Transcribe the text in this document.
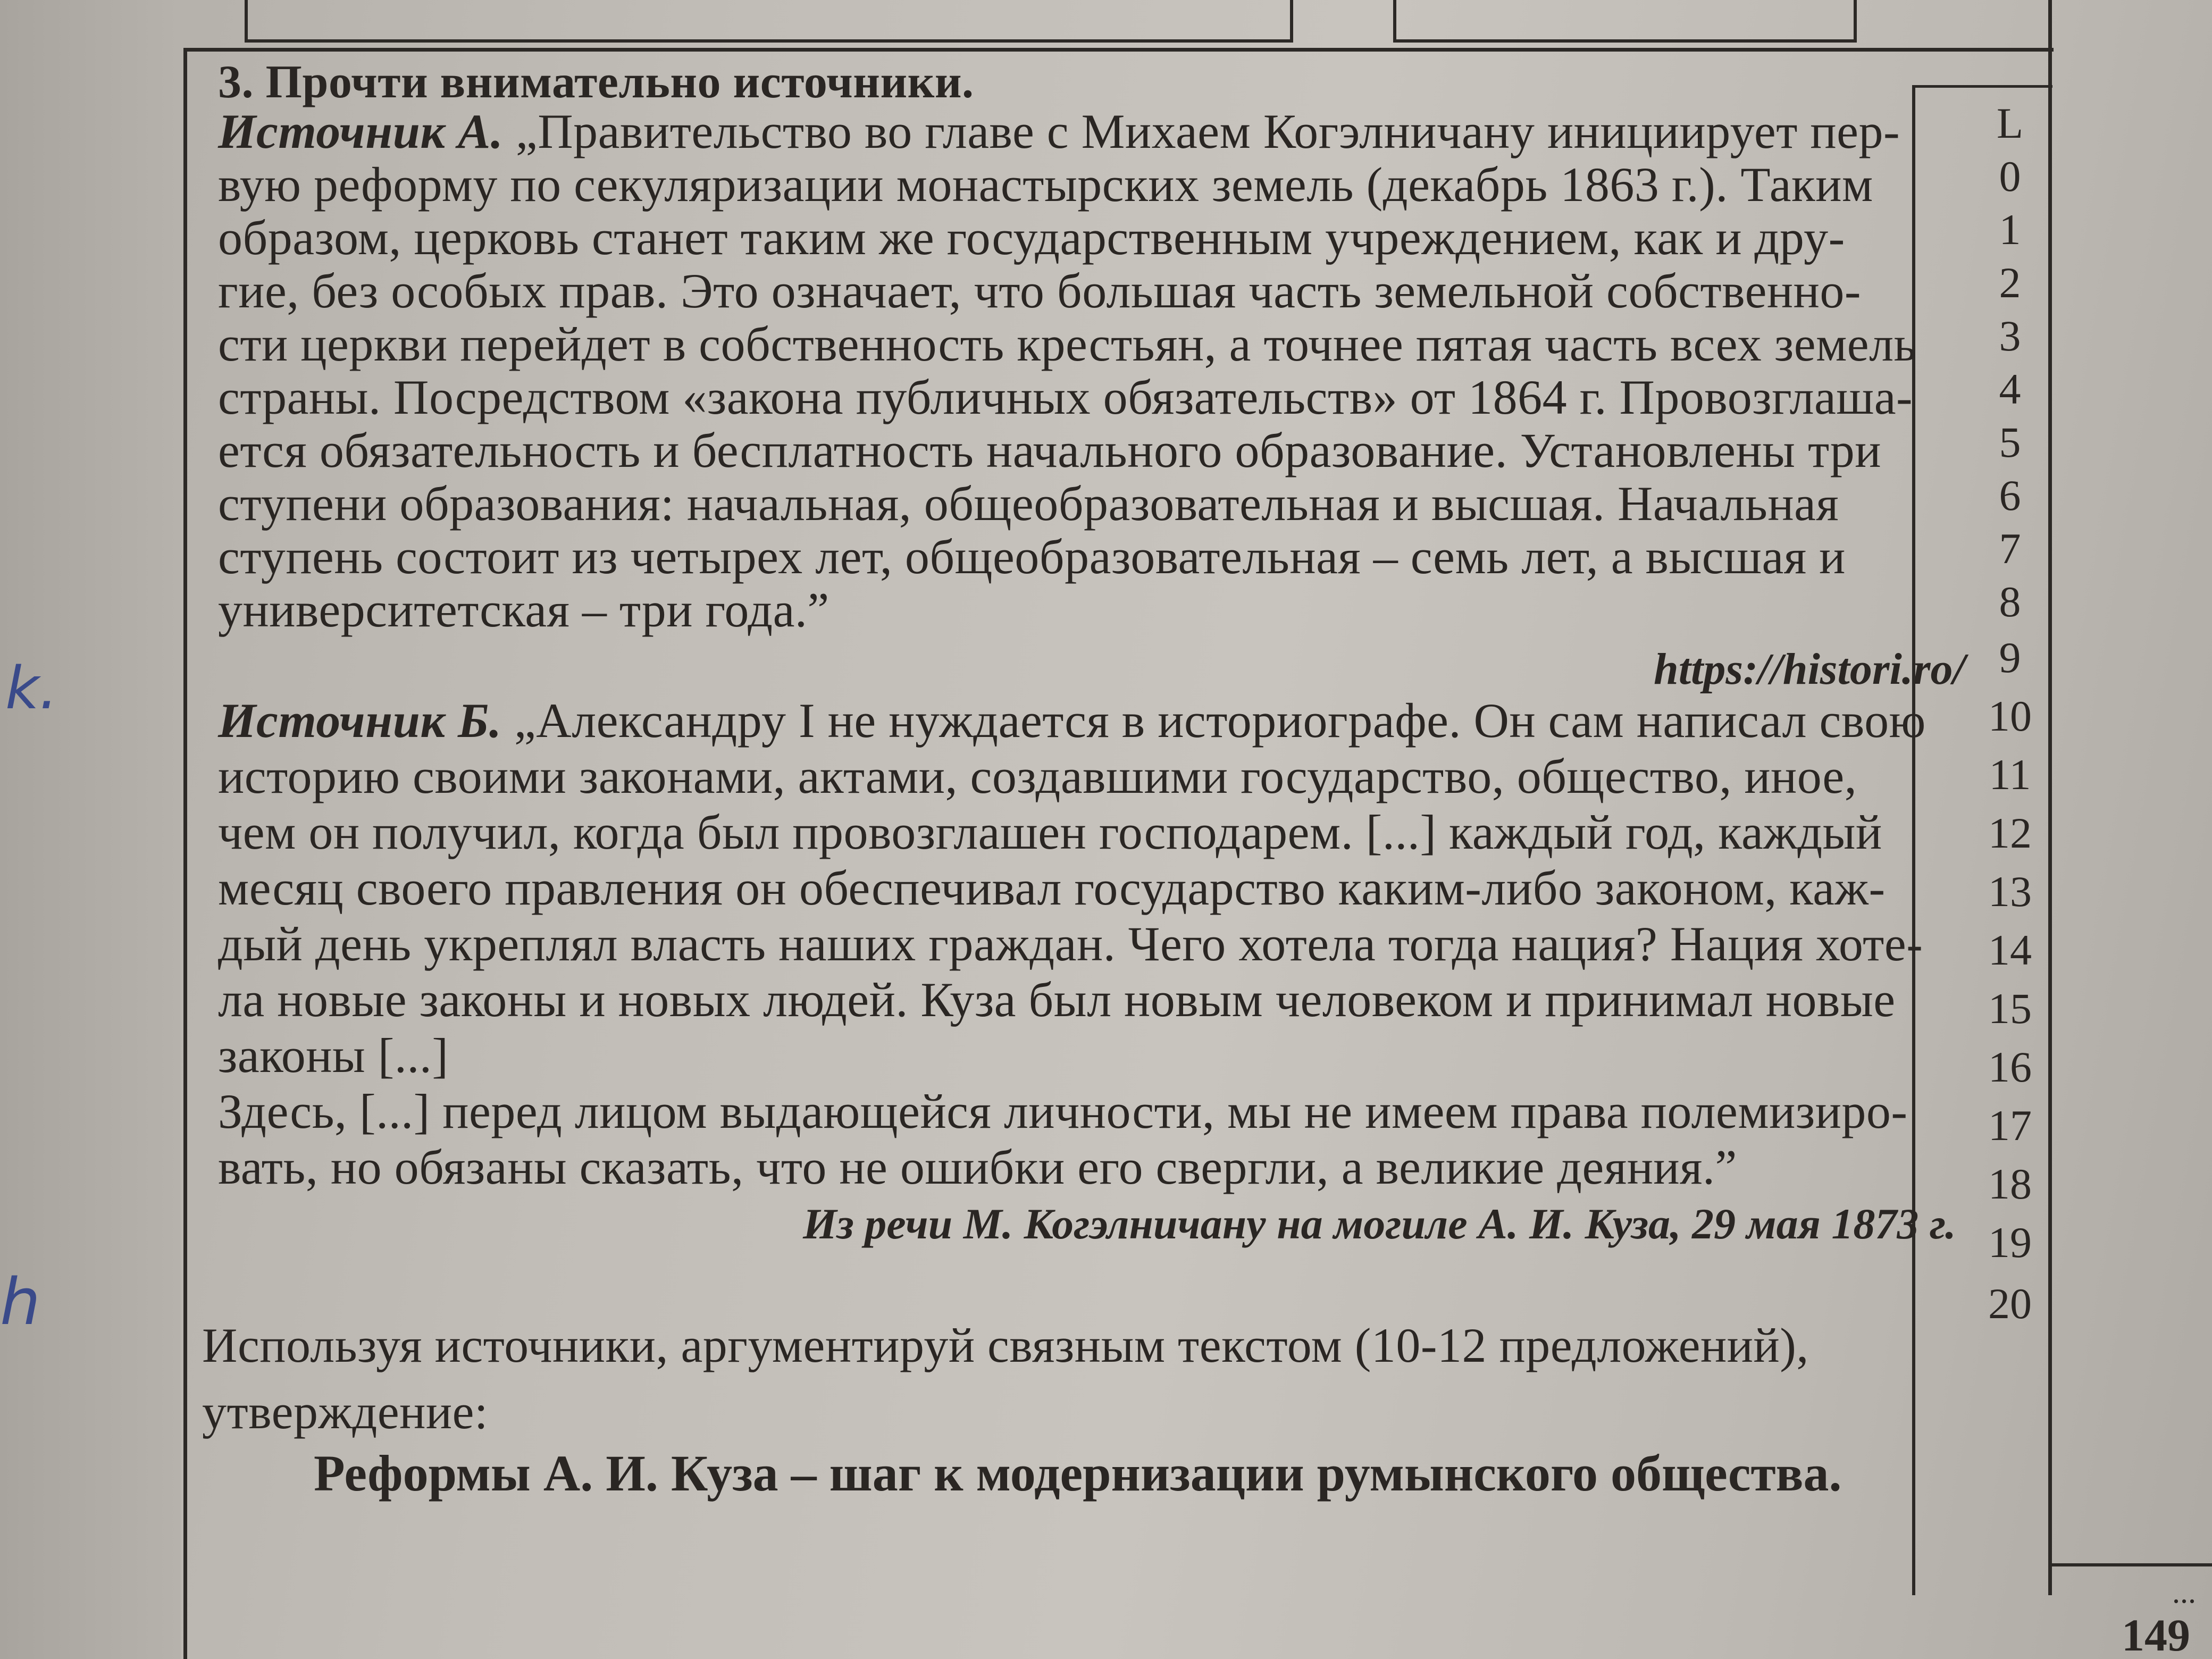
k.
h
3. Прочти внимательно источники.
Источник А. „Правительство во главе с Михаем Когэлничану инициирует пер-
вую реформу по секуляризации монастырских земель (декабрь 1863 г.). Таким
образом, церковь станет таким же государственным учреждением, как и дру-
гие, без особых прав. Это означает, что большая часть земельной собственно-
сти церкви перейдет в собственность крестьян, а точнее пятая часть всех земель
страны. Посредством «закона публичных обязательств» от 1864 г. Провозглаша-
ется обязательность и бесплатность начального образование. Установлены три
ступени образования: начальная, общеобразовательная и высшая. Начальная
ступень состоит из четырех лет, общеобразовательная – семь лет, а высшая и
университетская – три года.”
https://histori.ro/
Источник Б. „Александру I не нуждается в историографе. Он сам написал свою
историю своими законами, актами, создавшими государство, общество, иное,
чем он получил, когда был провозглашен господарем. [...] каждый год, каждый
месяц своего правления он обеспечивал государство каким-либо законом, каж-
дый день укреплял власть наших граждан. Чего хотела тогда нация? Нация хоте-
ла новые законы и новых людей. Куза был новым человеком и принимал новые
законы [...]
Здесь, [...] перед лицом выдающейся личности, мы не имеем права полемизиро-
вать, но обязаны сказать, что не ошибки его свергли, а великие деяния.”
Из речи М. Когэлничану на могиле А. И. Куза, 29 мая 1873 г.
Используя источники, аргументируй связным текстом (10-12 предложений),
утверждение:
Реформы А. И. Куза – шаг к модернизации румынского общества.
L
0
1
2
3
4
5
6
7
8
9
10
11
12
13
14
15
16
17
18
19
20
...
149
